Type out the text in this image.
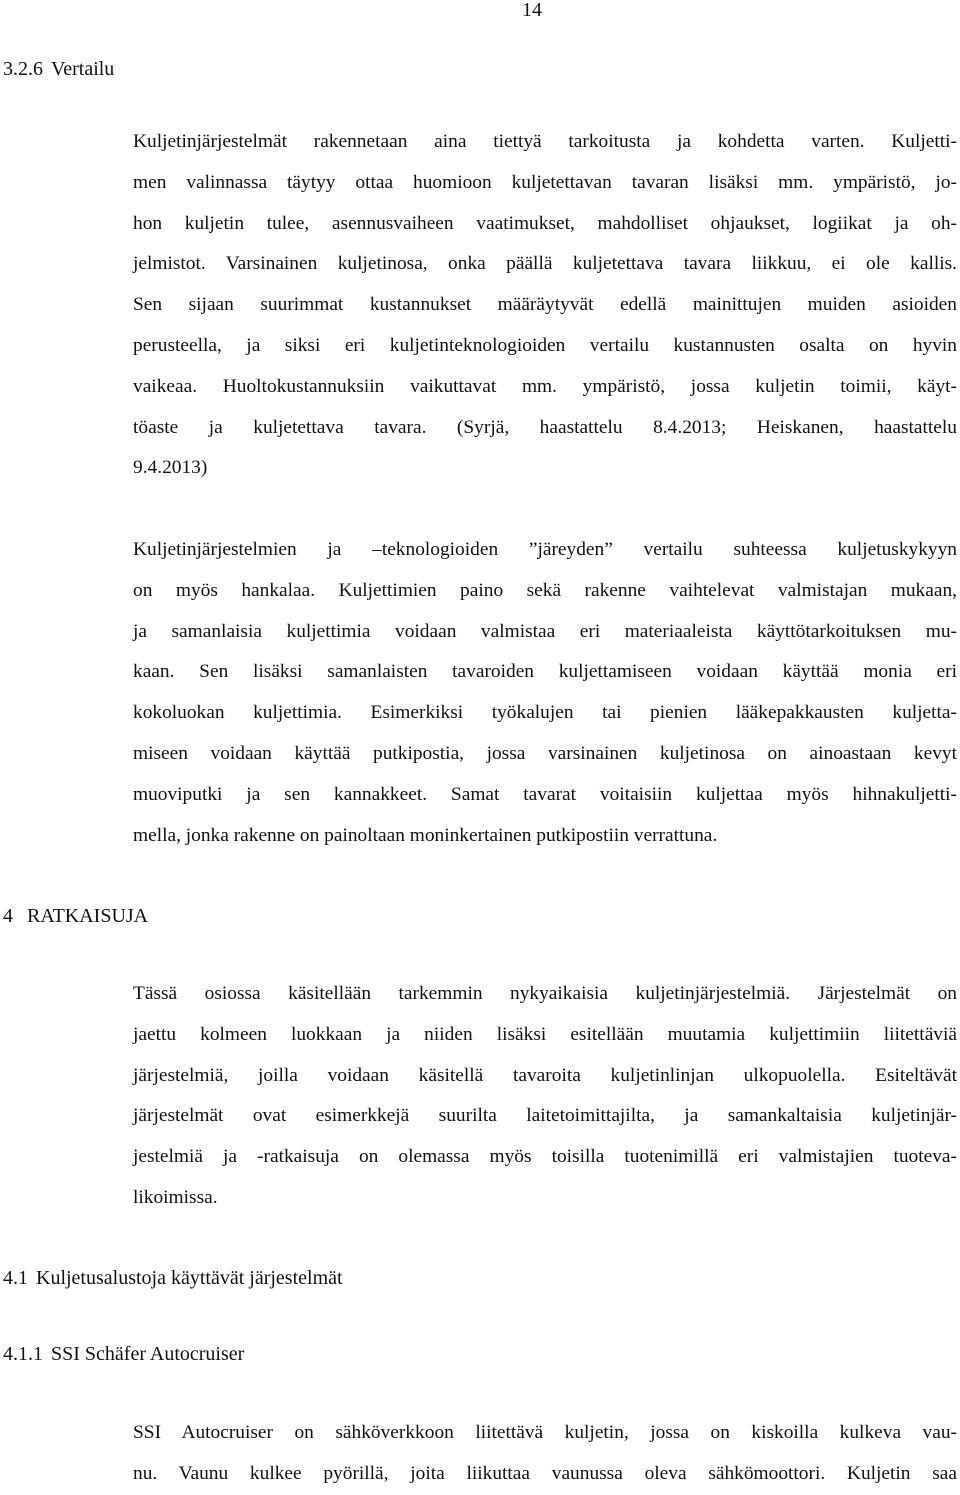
14
3.2.6 Vertailu
Kuljetinjärjestelmät rakennetaan aina tiettyä tarkoitusta ja kohdetta varten. Kuljetti-
men valinnassa täytyy ottaa huomioon kuljetettavan tavaran lisäksi mm. ympäristö, jo-
hon kuljetin tulee, asennusvaiheen vaatimukset, mahdolliset ohjaukset, logiikat ja oh-
jelmistot. Varsinainen kuljetinosa, onka päällä kuljetettava tavara liikkuu, ei ole kallis.
Sen sijaan suurimmat kustannukset määräytyvät edellä mainittujen muiden asioiden
perusteella, ja siksi eri kuljetinteknologioiden vertailu kustannusten osalta on hyvin
vaikeaa. Huoltokustannuksiin vaikuttavat mm. ympäristö, jossa kuljetin toimii, käyt-
töaste ja kuljetettava tavara. (Syrjä, haastattelu 8.4.2013; Heiskanen, haastattelu
9.4.2013)
Kuljetinjärjestelmien ja –teknologioiden ”järeyden” vertailu suhteessa kuljetuskykyyn
on myös hankalaa. Kuljettimien paino sekä rakenne vaihtelevat valmistajan mukaan,
ja samanlaisia kuljettimia voidaan valmistaa eri materiaaleista käyttötarkoituksen mu-
kaan. Sen lisäksi samanlaisten tavaroiden kuljettamiseen voidaan käyttää monia eri
kokoluokan kuljettimia. Esimerkiksi työkalujen tai pienien lääkepakkausten kuljetta-
miseen voidaan käyttää putkipostia, jossa varsinainen kuljetinosa on ainoastaan kevyt
muoviputki ja sen kannakkeet. Samat tavarat voitaisiin kuljettaa myös hihnakuljetti-
mella, jonka rakenne on painoltaan moninkertainen putkipostiin verrattuna.
4 RATKAISUJA
Tässä osiossa käsitellään tarkemmin nykyaikaisia kuljetinjärjestelmiä. Järjestelmät on
jaettu kolmeen luokkaan ja niiden lisäksi esitellään muutamia kuljettimiin liitettäviä
järjestelmiä, joilla voidaan käsitellä tavaroita kuljetinlinjan ulkopuolella. Esiteltävät
järjestelmät ovat esimerkkejä suurilta laitetoimittajilta, ja samankaltaisia kuljetinjär-
jestelmiä ja -ratkaisuja on olemassa myös toisilla tuotenimillä eri valmistajien tuoteva-
likoimissa.
4.1 Kuljetusalustoja käyttävät järjestelmät
4.1.1 SSI Schäfer Autocruiser
SSI Autocruiser on sähköverkkoon liitettävä kuljetin, jossa on kiskoilla kulkeva vau-
nu. Vaunu kulkee pyörillä, joita liikuttaa vaunussa oleva sähkömoottori. Kuljetin saa
